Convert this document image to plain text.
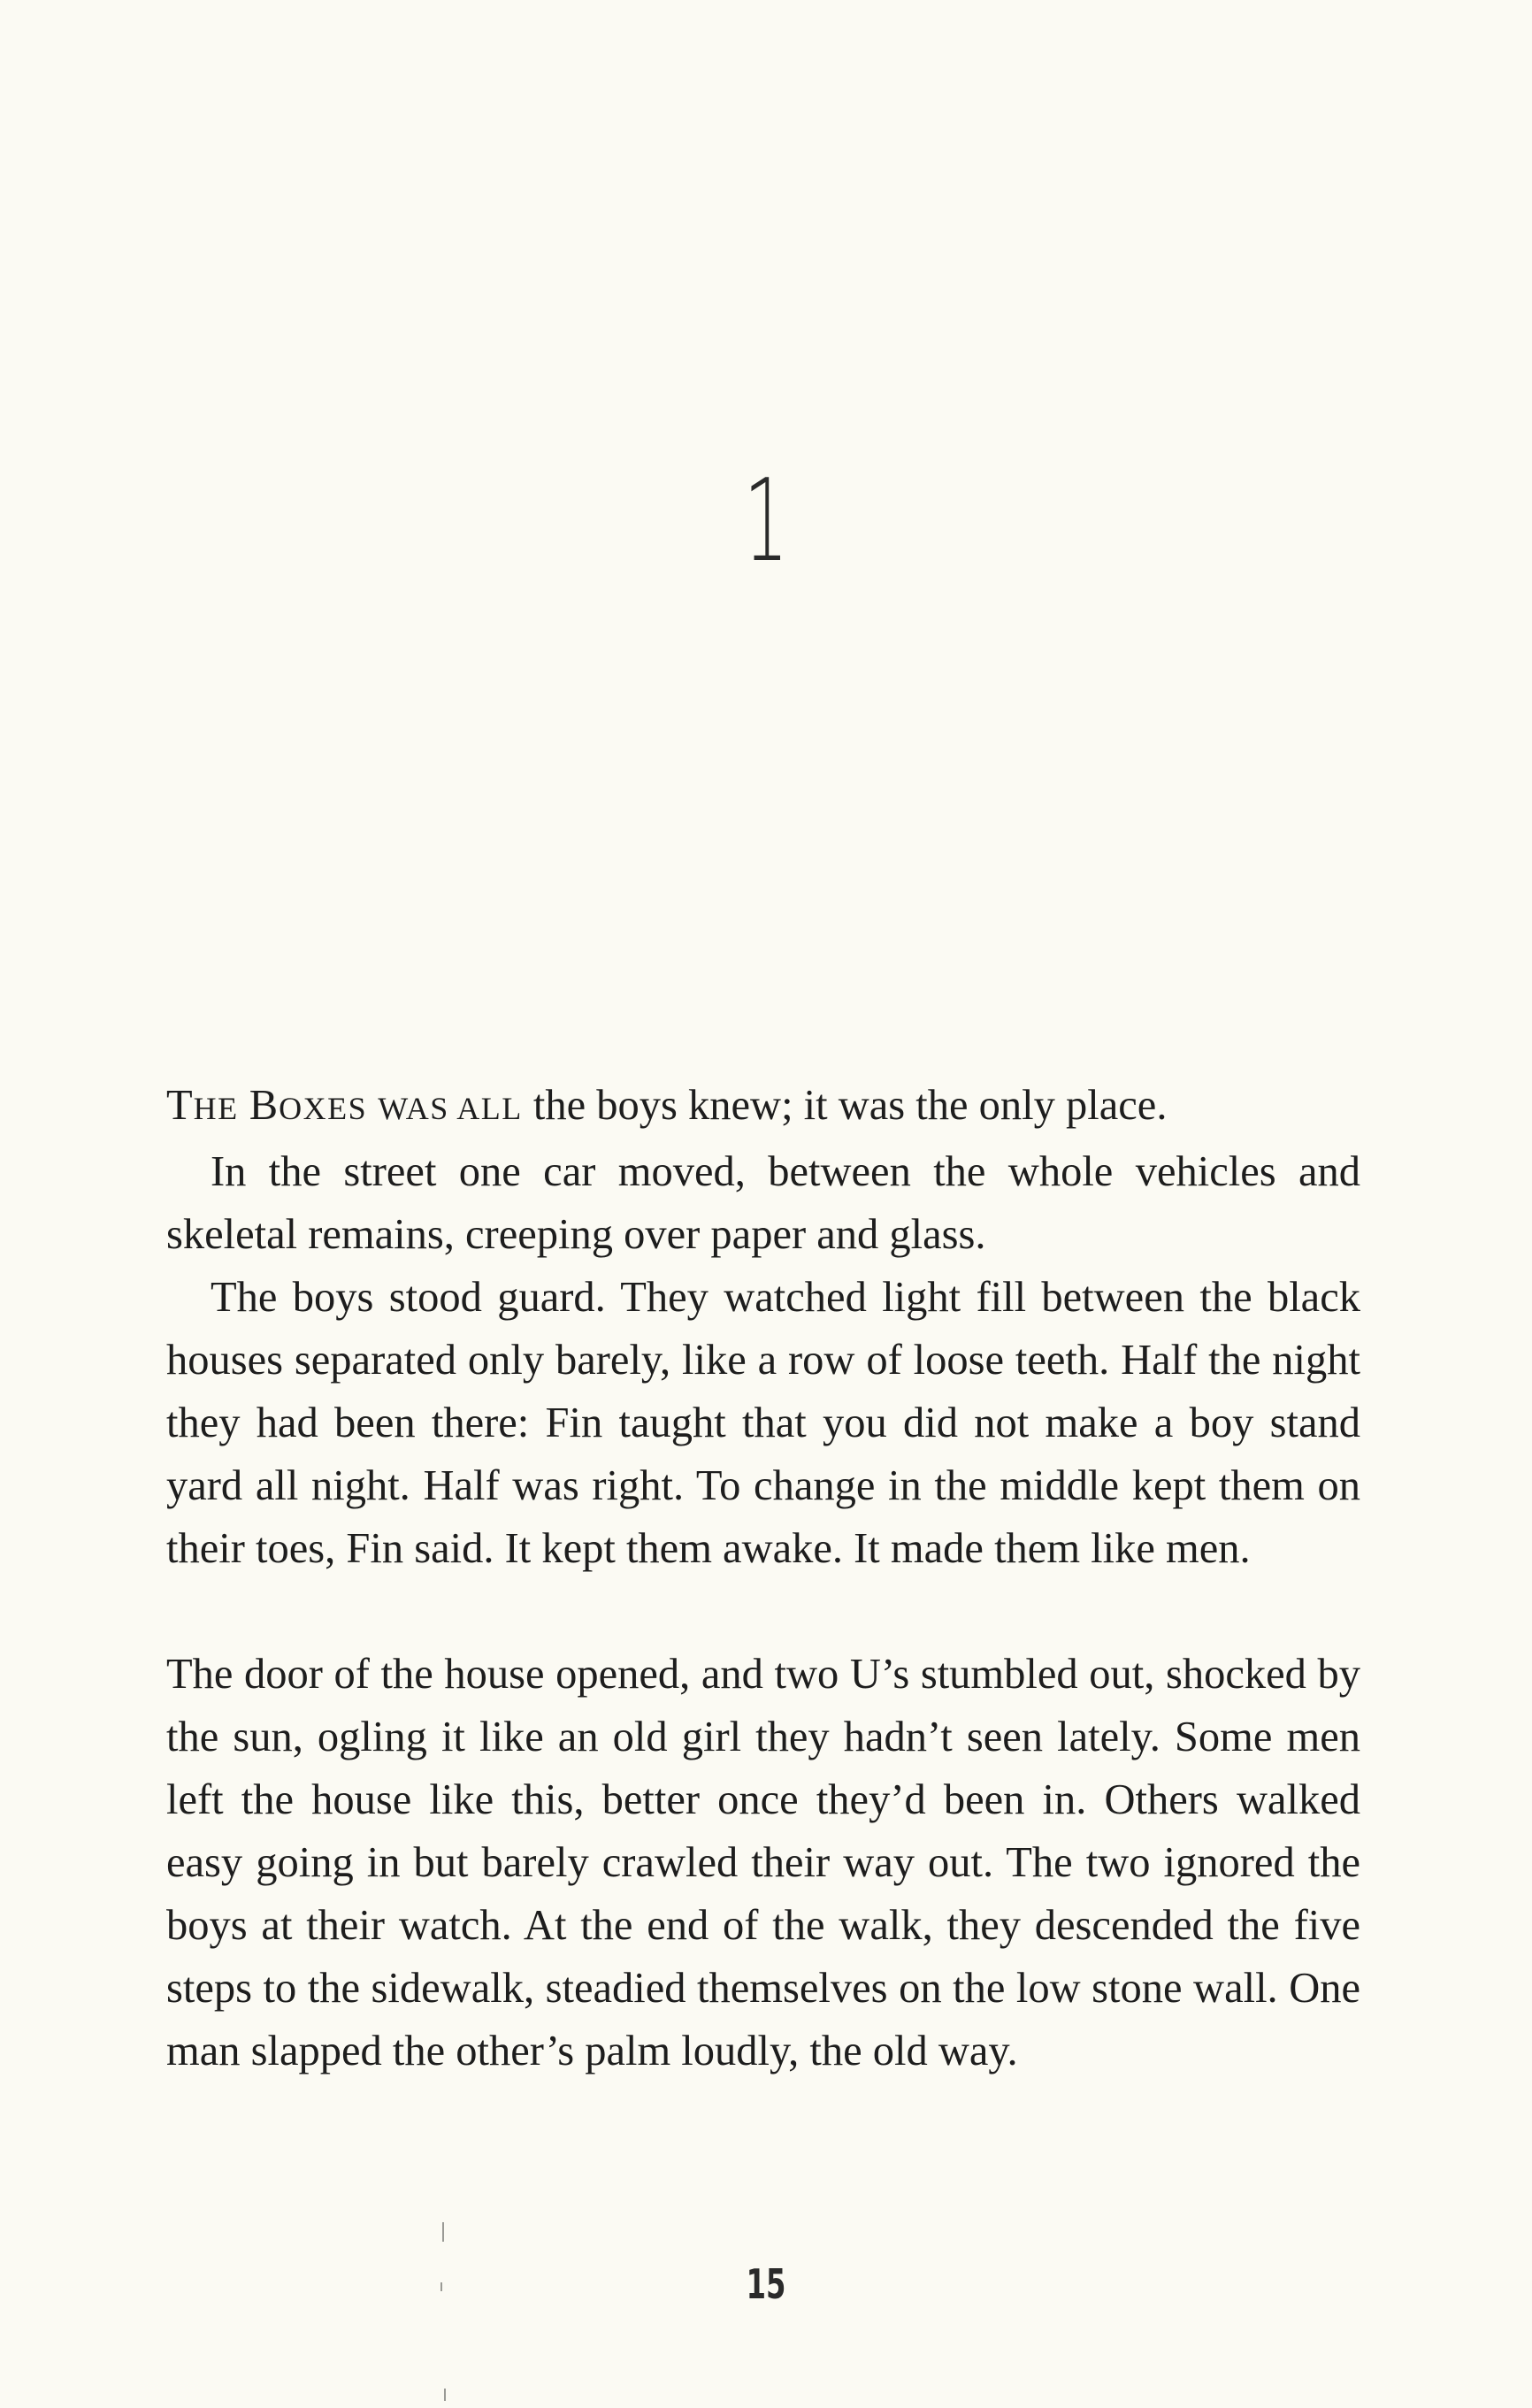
1

THE BOXES WAS ALL the boys knew; it was the only place.

In the street one car moved, between the whole vehicles and skeletal remains, creeping over paper and glass.

The boys stood guard. They watched light fill between the black houses separated only barely, like a row of loose teeth. Half the night they had been there: Fin taught that you did not make a boy stand yard all night. Half was right. To change in the middle kept them on their toes, Fin said. It kept them awake. It made them like men.

The door of the house opened, and two U’s stumbled out, shocked by the sun, ogling it like an old girl they hadn’t seen lately. Some men left the house like this, better once they’d been in. Others walked easy going in but barely crawled their way out. The two ignored the boys at their watch. At the end of the walk, they descended the five steps to the sidewalk, steadied themselves on the low stone wall. One man slapped the other’s palm loudly, the old way.

15
